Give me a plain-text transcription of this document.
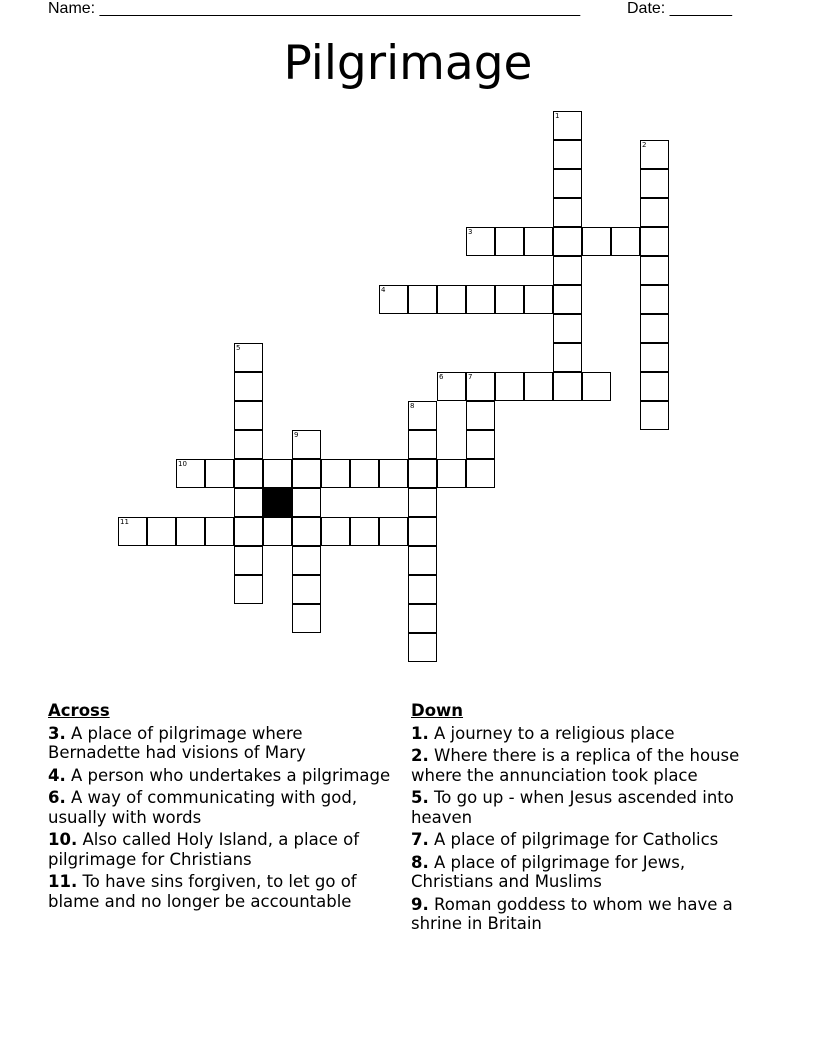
Name: ______________________________________________________	Date: _______
Pilgrimage
1
2
3
4
5
6	7
8
9
10
11
Across
3. A place of pilgrimage where Bernadette had visions of Mary
4. A person who undertakes a pilgrimage
6. A way of communicating with god, usually with words
10. Also called Holy Island, a place of pilgrimage for Christians
11. To have sins forgiven, to let go of blame and no longer be accountable
Down
1. A journey to a religious place
2. Where there is a replica of the house where the annunciation took place
5. To go up - when Jesus ascended into heaven
7. A place of pilgrimage for Catholics
8. A place of pilgrimage for Jews, Christians and Muslims
9. Roman goddess to whom we have a shrine in Britain
